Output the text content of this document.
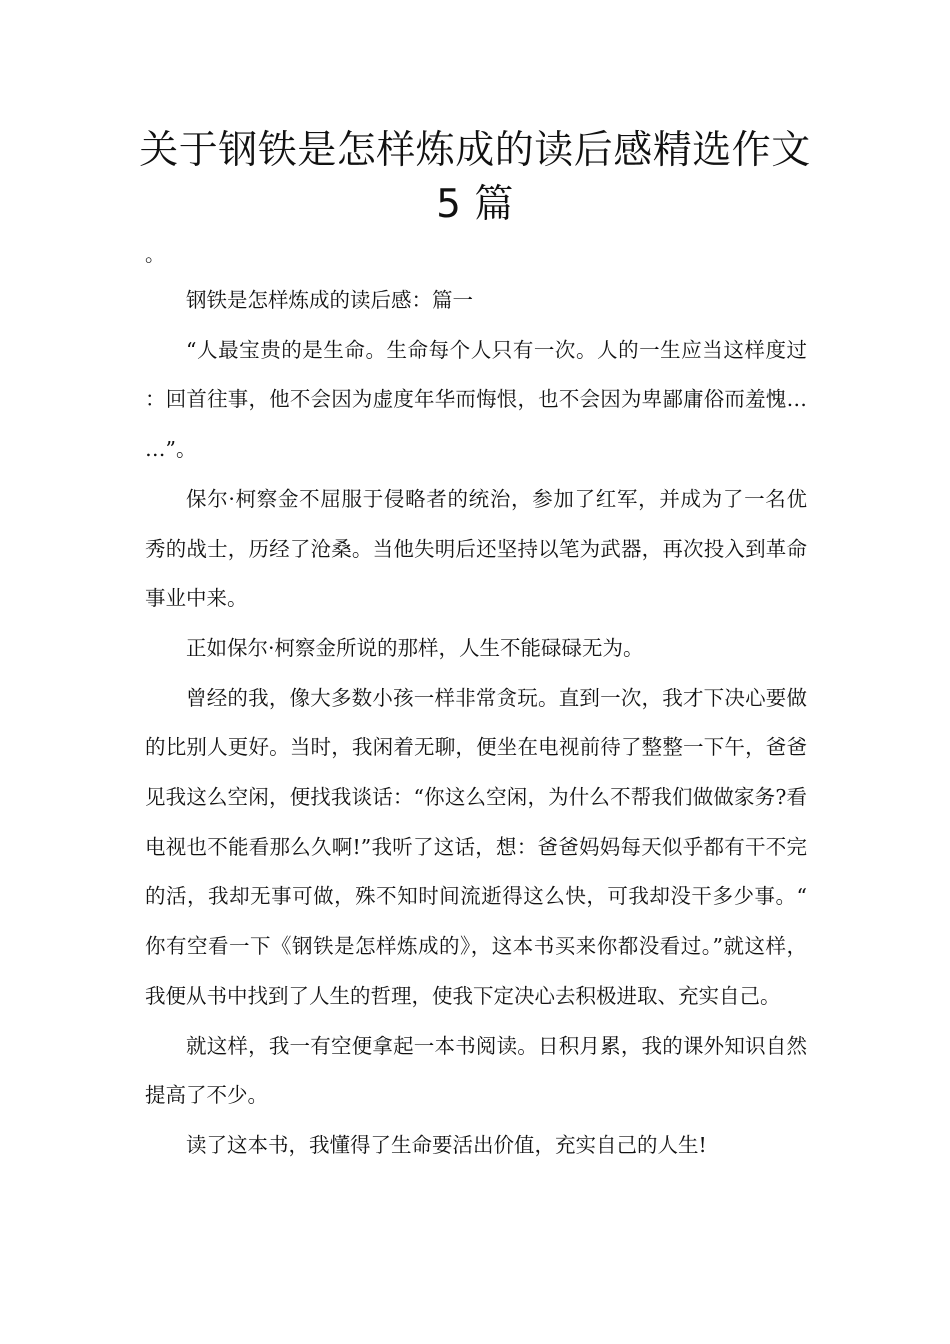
关于钢铁是怎样炼成的读后感精选作文
5 篇
。

钢铁是怎样炼成的读后感：篇一

“人最宝贵的是生命。生命每个人只有一次。人的一生应当这样度过：回首往事，他不会因为虚度年华而悔恨，也不会因为卑鄙庸俗而羞愧……”。

保尔·柯察金不屈服于侵略者的统治，参加了红军，并成为了一名优秀的战士，历经了沧桑。当他失明后还坚持以笔为武器，再次投入到革命事业中来。

正如保尔·柯察金所说的那样，人生不能碌碌无为。

曾经的我，像大多数小孩一样非常贪玩。直到一次，我才下决心要做的比别人更好。当时，我闲着无聊，便坐在电视前待了整整一下午，爸爸见我这么空闲，便找我谈话：“你这么空闲，为什么不帮我们做做家务?看电视也不能看那么久啊!”我听了这话，想：爸爸妈妈每天似乎都有干不完的活，我却无事可做，殊不知时间流逝得这么快，可我却没干多少事。“你有空看一下《钢铁是怎样炼成的》，这本书买来你都没看过。”就这样，我便从书中找到了人生的哲理，使我下定决心去积极进取、充实自己。

就这样，我一有空便拿起一本书阅读。日积月累，我的课外知识自然提高了不少。

读了这本书，我懂得了生命要活出价值，充实自己的人生!
